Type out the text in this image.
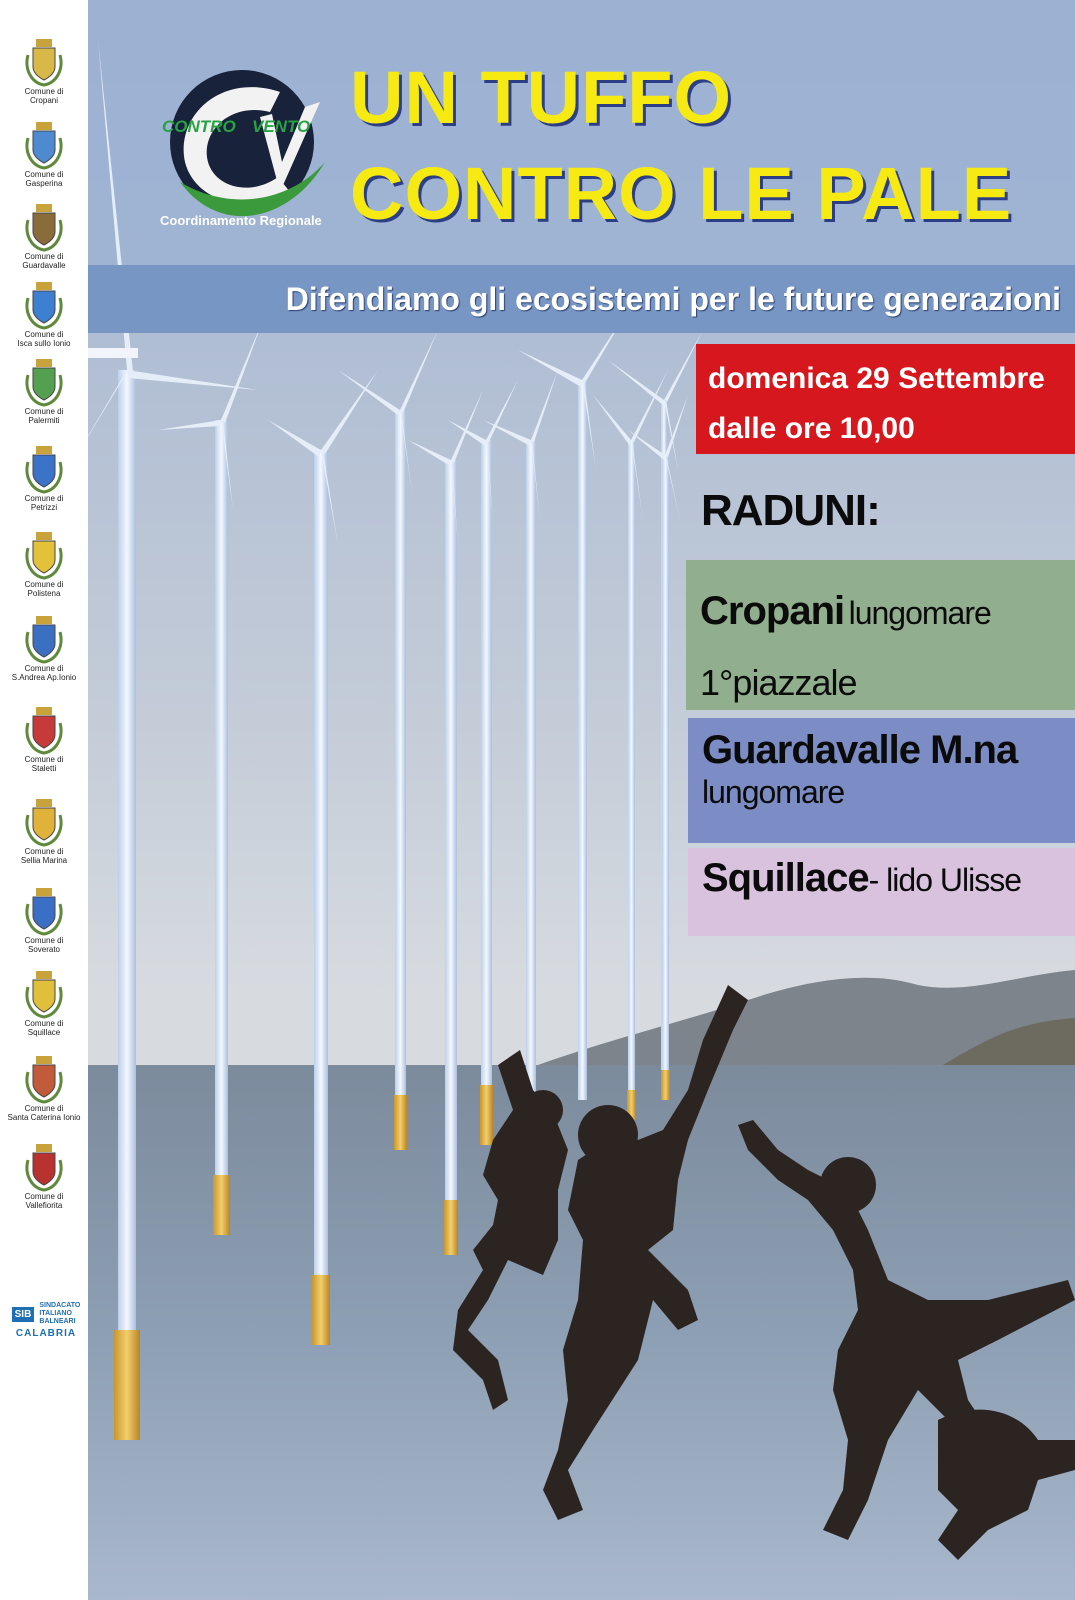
Comune di
Cropani
Comune di
Gasperina
Comune di
Guardavalle
Comune di
Isca sullo Ionio
Comune di
Palermiti
Comune di
Petrizzi
Comune di
Polistena
Comune di
S.Andrea Ap.Ionio
Comune di
Staletti
Comune di
Sellia Marina
Comune di
Soverato
Comune di
Squillace
Comune di
Santa Caterina Ionio
Comune di
Vallefiorita
SIB SINDACATO
ITALIANO
BALNEARI
CALABRIA
CONTRO VENTO
Coordinamento Regionale
UN TUFFO
CONTRO LE PALE
Difendiamo gli ecosistemi per le future generazioni
domenica 29 Settembre
dalle ore 10,00
RADUNI:
Cropani lungomare
1°piazzale
Guardavalle M.na
lungomare
Squillace- lido Ulisse
